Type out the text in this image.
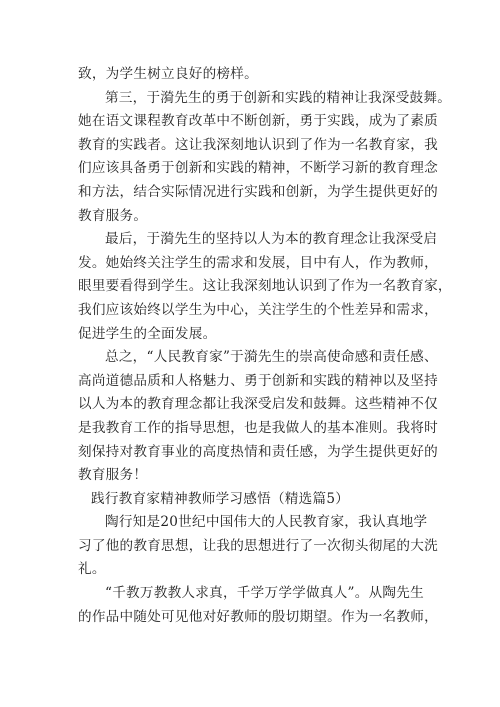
致，为学生树立良好的榜样。
第三，于漪先生的勇于创新和实践的精神让我深受鼓舞。
她在语文课程教育改革中不断创新，勇于实践，成为了素质
教育的实践者。这让我深刻地认识到了作为一名教育家，我
们应该具备勇于创新和实践的精神，不断学习新的教育理念
和方法，结合实际情况进行实践和创新，为学生提供更好的
教育服务。
最后，于漪先生的坚持以人为本的教育理念让我深受启
发。她始终关注学生的需求和发展，目中有人，作为教师，
眼里要看得到学生。这让我深刻地认识到了作为一名教育家，
我们应该始终以学生为中心，关注学生的个性差异和需求，
促进学生的全面发展。
总之，“人民教育家”于漪先生的崇高使命感和责任感、
高尚道德品质和人格魅力、勇于创新和实践的精神以及坚持
以人为本的教育理念都让我深受启发和鼓舞。这些精神不仅
是我教育工作的指导思想，也是我做人的基本准则。我将时
刻保持对教育事业的高度热情和责任感，为学生提供更好的
教育服务！
践行教育家精神教师学习感悟（精选篇5）
陶行知是20世纪中国伟大的人民教育家，我认真地学
习了他的教育思想，让我的思想进行了一次彻头彻尾的大洗
礼。
“千教万教教人求真，千学万学学做真人”。从陶先生
的作品中随处可见他对好教师的殷切期望。作为一名教师，
